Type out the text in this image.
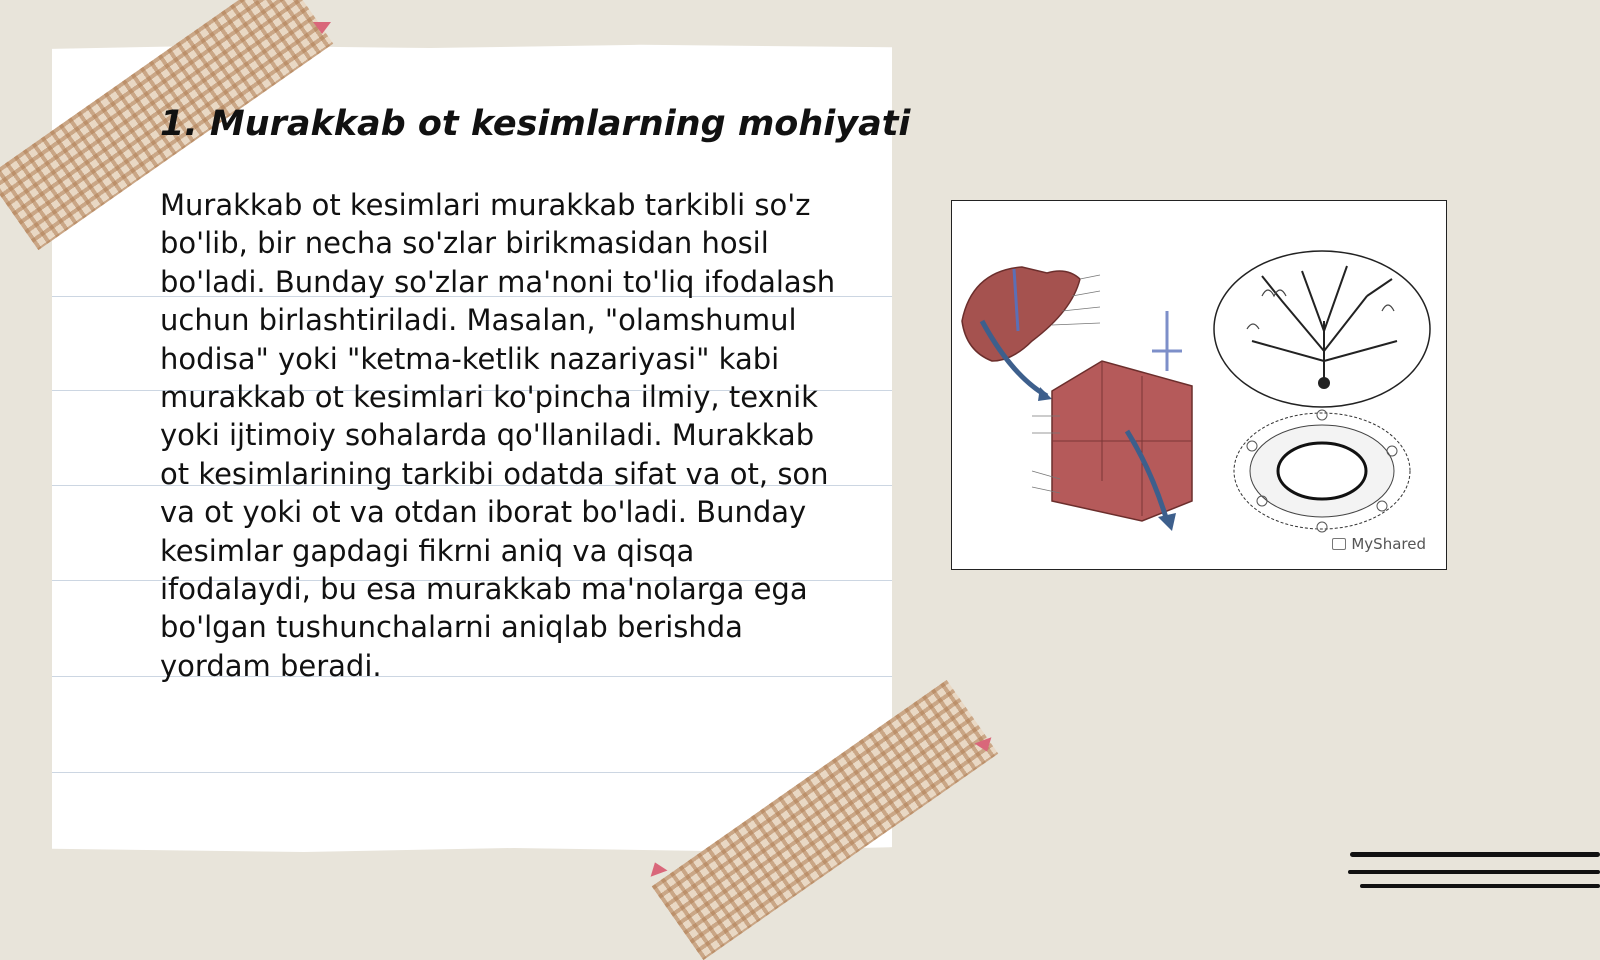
1. Murakkab ot kesimlarning mohiyati

Murakkab ot kesimlari murakkab tarkibli so'z bo'lib, bir necha so'zlar birikmasidan hosil bo'ladi. Bunday so'zlar ma'noni to'liq ifodalash uchun birlashtiriladi. Masalan, "olamshumul hodisa" yoki "ketma-ketlik nazariyasi" kabi murakkab ot kesimlari ko'pincha ilmiy, texnik yoki ijtimoiy sohalarda qo'llaniladi. Murakkab ot kesimlarining tarkibi odatda sifat va ot, son va ot yoki ot va otdan iborat bo'ladi. Bunday kesimlar gapdagi fikrni aniq va qisqa ifodalaydi, bu esa murakkab ma'nolarga ega bo'lgan tushunchalarni aniqlab berishda yordam beradi.

MyShared
